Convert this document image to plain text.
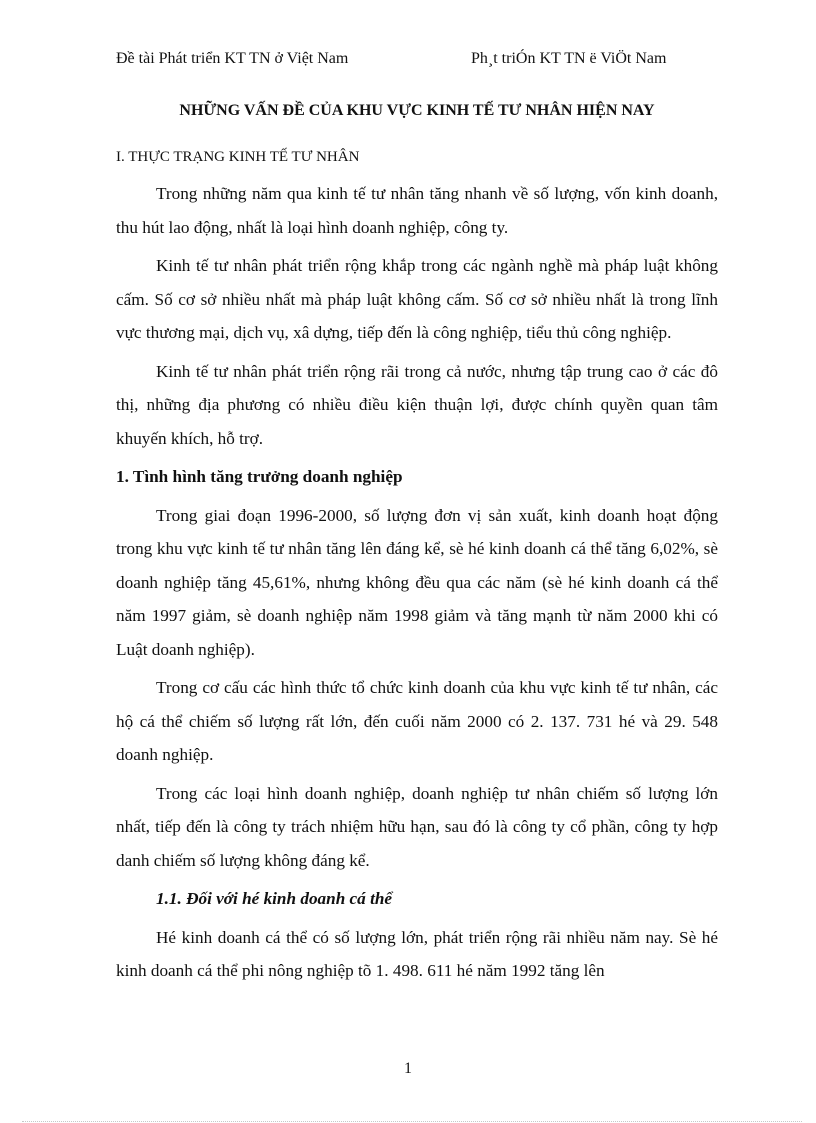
Đề tài Phát triển KT TN ở Việt Nam	Ph¸t triÓn KT TN ë ViÖt Nam
NHỮNG VẤN ĐỀ CỦA KHU VỰC KINH TẾ TƯ NHÂN HIỆN NAY
I. THỰC TRẠNG KINH TẾ TƯ NHÂN

Trong những năm qua kinh tế tư nhân tăng nhanh về số lượng, vốn kinh doanh, thu hút lao động, nhất là loại hình doanh nghiệp, công ty.

Kinh tế tư nhân phát triển rộng khắp trong các ngành nghề mà pháp luật không cấm. Số cơ sở nhiều nhất mà pháp luật không cấm. Số cơ sở nhiều nhất là trong lĩnh vực thương mại, dịch vụ, xâ dựng, tiếp đến là công nghiệp, tiểu thủ công nghiệp.

Kinh tế tư nhân phát triển rộng rãi trong cả nước, nhưng tập trung cao ở các đô thị, những địa phương có nhiều điều kiện thuận lợi, được chính quyền quan tâm khuyến khích, hỗ trợ.

1. Tình hình tăng trưởng doanh nghiệp

Trong giai đoạn 1996-2000, số lượng đơn vị sản xuất, kinh doanh hoạt động trong khu vực kinh tế tư nhân tăng lên đáng kể, sè hé kinh doanh cá thể tăng 6,02%, sè doanh nghiệp tăng 45,61%, nhưng không đều qua các năm (sè hé kinh doanh cá thể năm 1997 giảm, sè doanh nghiệp năm 1998 giảm và tăng mạnh từ năm 2000 khi có Luật doanh nghiệp).

Trong cơ cấu các hình thức tổ chức kinh doanh của khu vực kinh tế tư nhân, các hộ cá thể chiếm số lượng rất lớn, đến cuối năm 2000 có 2. 137. 731 hé và 29. 548 doanh nghiệp.

Trong các loại hình doanh nghiệp, doanh nghiệp tư nhân chiếm số lượng lớn nhất, tiếp đến là công ty trách nhiệm hữu hạn, sau đó là công ty cổ phần, công ty hợp danh chiếm số lượng không đáng kể.

1.1. Đối với hé kinh doanh cá thể

Hé kinh doanh cá thể có số lượng lớn, phát triển rộng rãi nhiều năm nay. Sè hé kinh doanh cá thể phi nông nghiệp tõ 1. 498. 611 hé năm 1992 tăng lên

1
